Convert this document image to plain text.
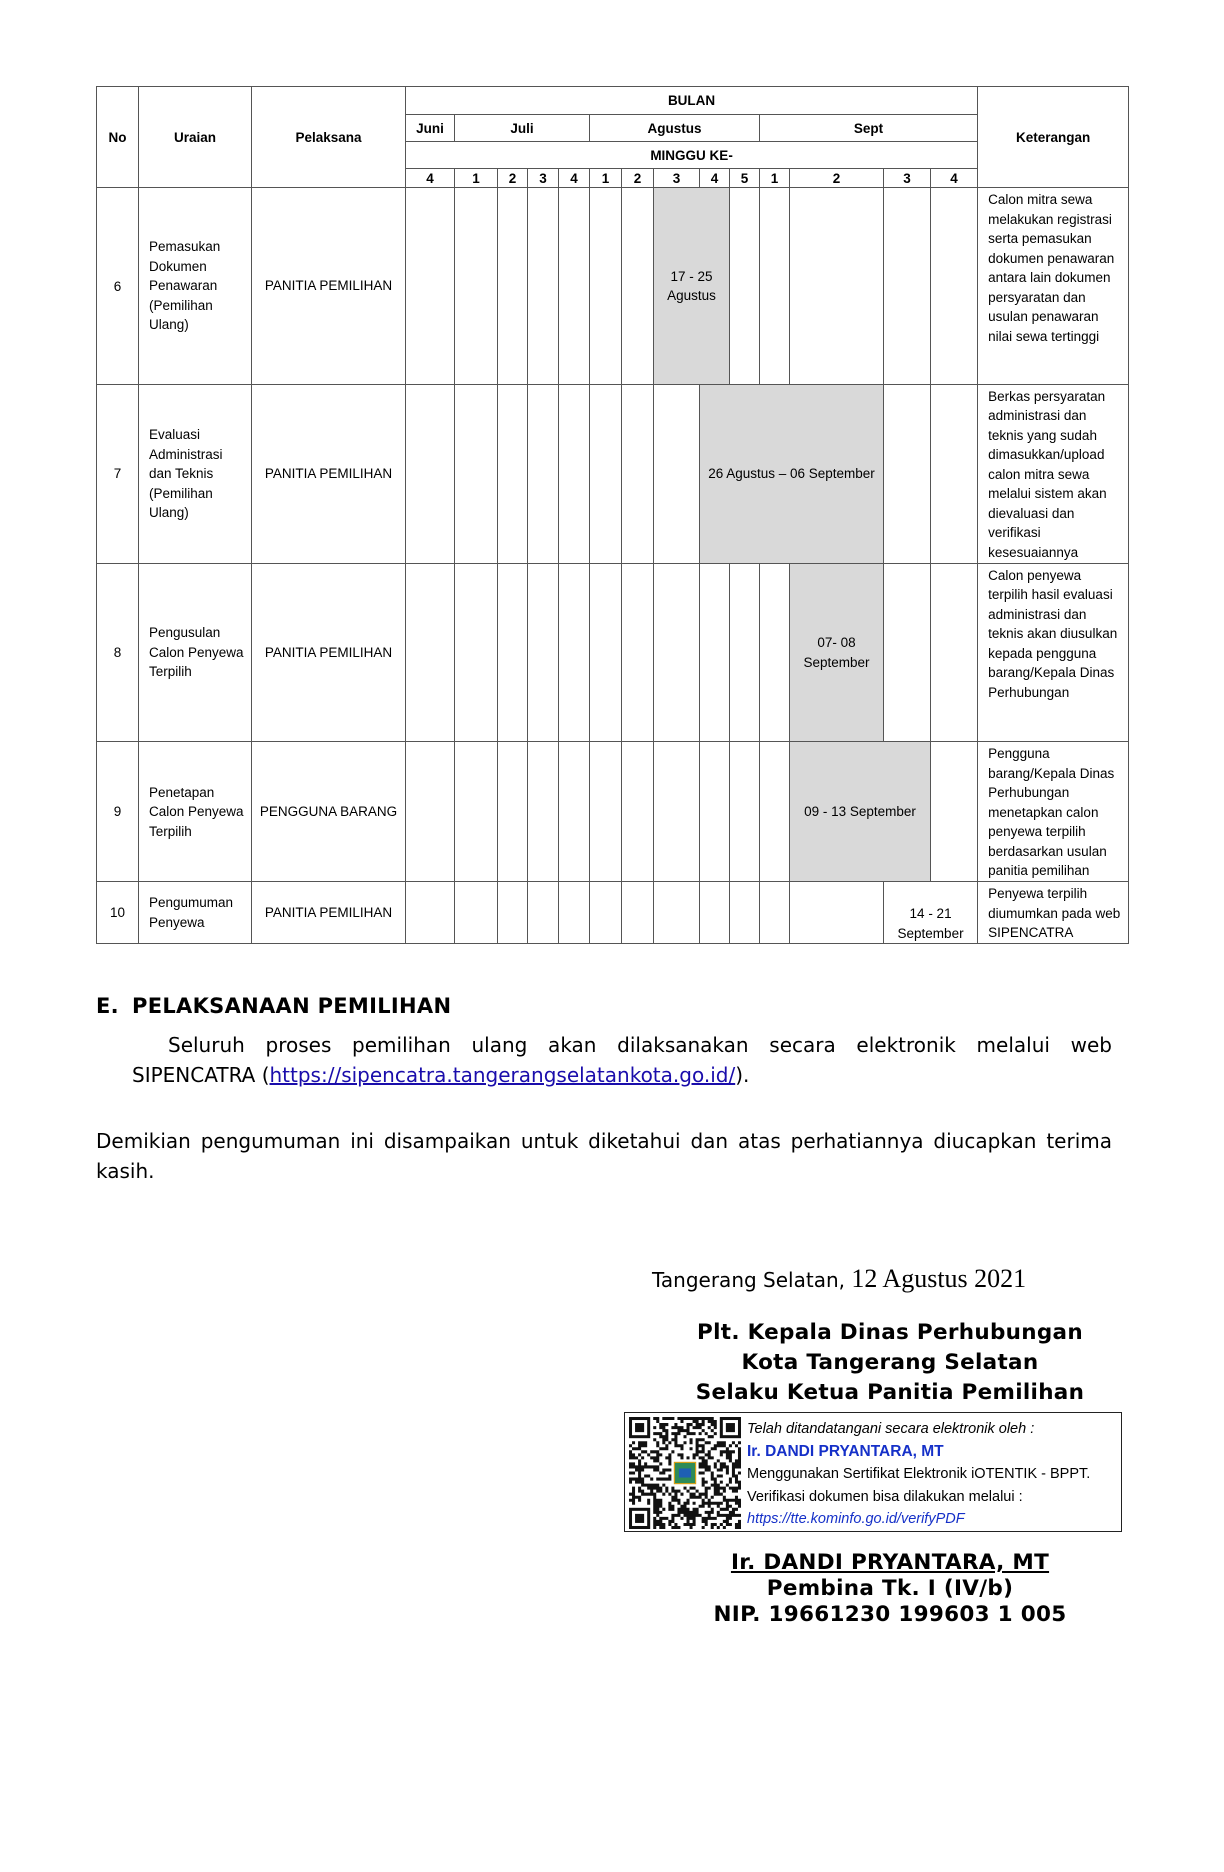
No	Uraian	Pelaksana	BULAN														Keterangan
			Juni	Juli				Agustus					Sept				
			MINGGU KE-														
			4	1	2	3	4	1	2	3	4	5	1	2	3	4	
6	Pemasukan Dokumen Penawaran (Pemilihan Ulang)	PANITIA PEMILIHAN								17 - 25 Agustus							Calon mitra sewa melakukan registrasi serta pemasukan dokumen penawaran antara lain dokumen persyaratan dan usulan penawaran nilai sewa tertinggi

7	Evaluasi Administrasi dan Teknis (Pemilihan Ulang)	PANITIA PEMILIHAN									26 Agustus – 06 September						Berkas persyaratan administrasi dan teknis yang sudah dimasukkan/upload calon mitra sewa melalui sistem akan dievaluasi dan verifikasi kesesuaiannya

8	Pengusulan Calon Penyewa Terpilih	PANITIA PEMILIHAN												07- 08 September			Calon penyewa terpilih hasil evaluasi administrasi dan teknis akan diusulkan kepada pengguna barang/Kepala Dinas Perhubungan

9	Penetapan Calon Penyewa Terpilih	PENGGUNA BARANG												09 - 13 September			Pengguna barang/Kepala Dinas Perhubungan menetapkan calon penyewa terpilih berdasarkan usulan panitia pemilihan

10	Pengumuman Penyewa	PANITIA PEMILIHAN													14 - 21 September		Penyewa terpilih diumumkan pada web SIPENCATRA
E. PELAKSANAAN PEMILIHAN
Seluruh proses pemilihan ulang akan dilaksanakan secara elektronik melalui web SIPENCATRA (https://sipencatra.tangerangselatankota.go.id/).
Demikian pengumuman ini disampaikan untuk diketahui dan atas perhatiannya diucapkan terima kasih.
Tangerang Selatan, 12 Agustus 2021
Plt. Kepala Dinas Perhubungan
Kota Tangerang Selatan
Selaku Ketua Panitia Pemilihan
Telah ditandatangani secara elektronik oleh :
Ir. DANDI PRYANTARA, MT
Menggunakan Sertifikat Elektronik iOTENTIK - BPPT.
Verifikasi dokumen bisa dilakukan melalui :
https://tte.kominfo.go.id/verifyPDF
Ir. DANDI PRYANTARA, MT
Pembina Tk. I (IV/b)
NIP. 19661230 199603 1 005
